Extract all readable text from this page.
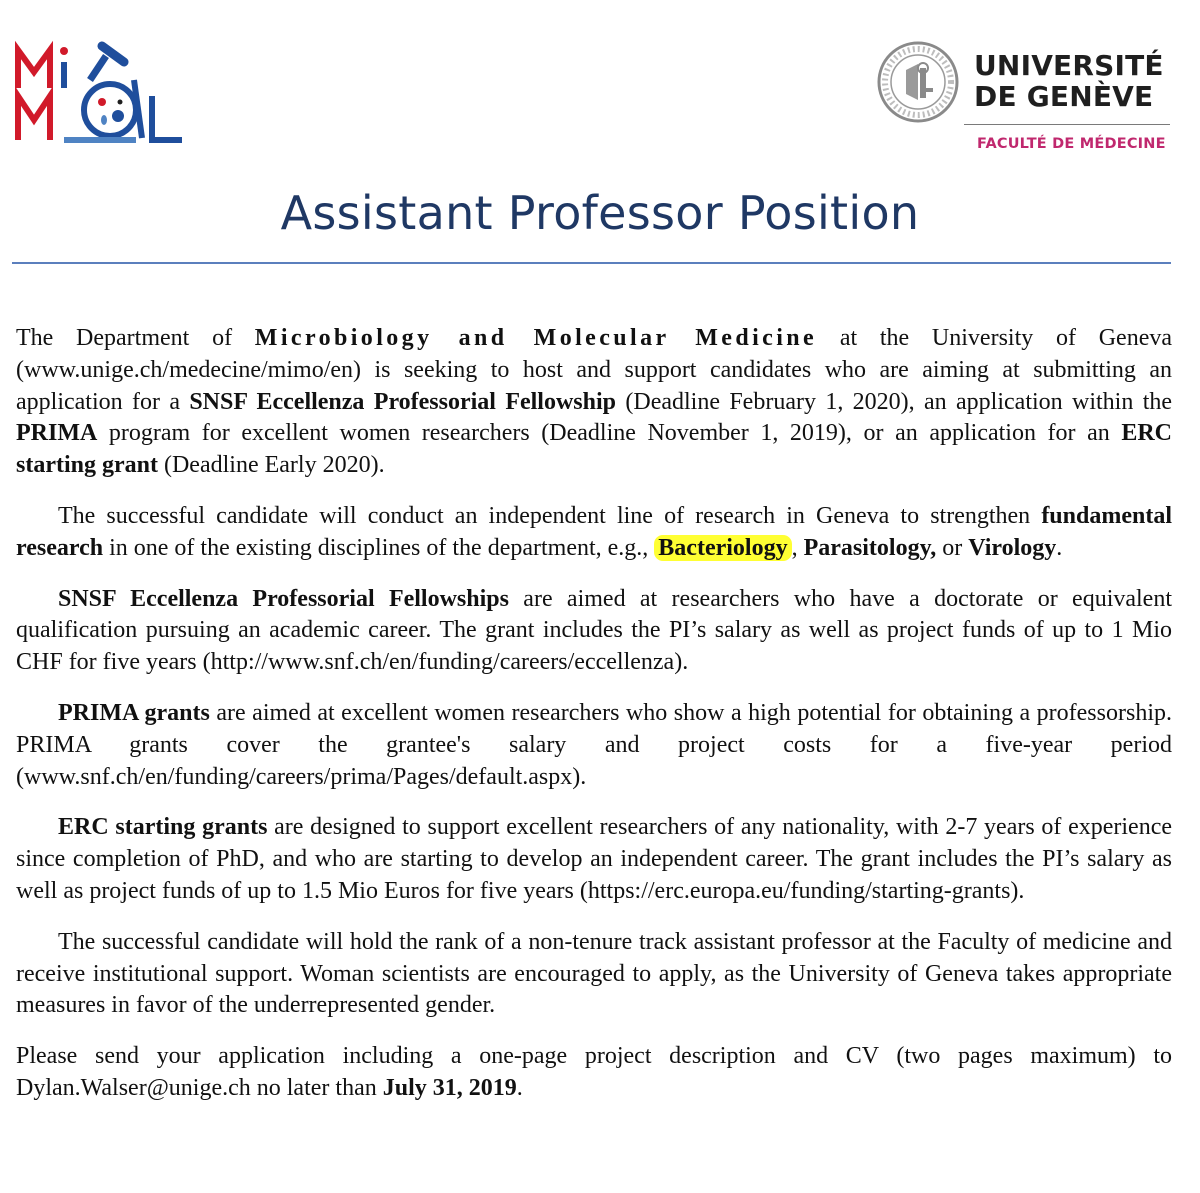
UNIVERSITÉ
DE GENÈVE
FACULTÉ DE MÉDECINE
Assistant Professor Position

The Department of Microbiology and Molecular Medicine at the University of Geneva (www.unige.ch/medecine/mimo/en) is seeking to host and support candidates who are aiming at submitting an application for a SNSF Eccellenza Professorial Fellowship (Deadline February 1, 2020), an application within the PRIMA program for excellent women researchers (Deadline November 1, 2019), or an application for an ERC starting grant (Deadline Early 2020).

The successful candidate will conduct an independent line of research in Geneva to strengthen fundamental research in one of the existing disciplines of the department, e.g., Bacteriology , Parasitology, or Virology.

SNSF Eccellenza Professorial Fellowships are aimed at researchers who have a doctorate or equivalent qualification pursuing an academic career. The grant includes the PI’s salary as well as project funds of up to 1 Mio CHF for five years (http://www.snf.ch/en/funding/careers/eccellenza).

PRIMA grants are aimed at excellent women researchers who show a high potential for obtaining a professorship. PRIMA grants cover the grantee's salary and project costs for a five-year period (www.snf.ch/en/funding/careers/prima/Pages/default.aspx).

ERC starting grants are designed to support excellent researchers of any nationality, with 2-7 years of experience since completion of PhD, and who are starting to develop an independent career. The grant includes the PI’s salary as well as project funds of up to 1.5 Mio Euros for five years (https://erc.europa.eu/funding/starting-grants).

The successful candidate will hold the rank of a non-tenure track assistant professor at the Faculty of medicine and receive institutional support. Woman scientists are encouraged to apply, as the University of Geneva takes appropriate measures in favor of the underrepresented gender.

Please send your application including a one-page project description and CV (two pages maximum) to Dylan.Walser@unige.ch no later than July 31, 2019.
